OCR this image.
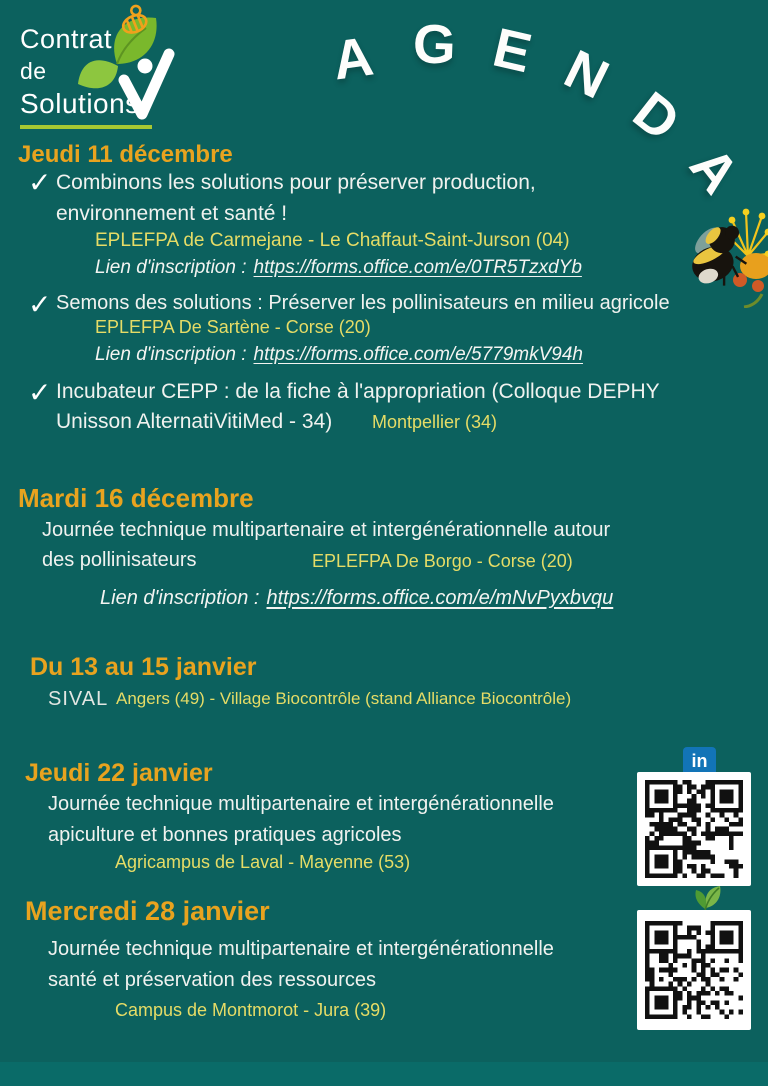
Contrat
de
Solutions
A G E N
D
A
Jeudi 11 décembre
✓ Combinons les solutions pour préserver production,
environnement et santé !
EPLEFPA de Carmejane - Le Chaffaut-Saint-Jurson (04)
Lien d'inscription : https://forms.office.com/e/0TR5TzxdYb
✓ Semons des solutions : Préserver les pollinisateurs en milieu agricole
EPLEFPA De Sartène - Corse (20)
Lien d'inscription : https://forms.office.com/e/5779mkV94h
✓ Incubateur CEPP : de la fiche à l'appropriation (Colloque DEPHY
Unisson AlternatiVitiMed - 34) Montpellier (34)
Mardi 16 décembre
Journée technique multipartenaire et intergénérationnelle autour
des pollinisateurs	EPLEFPA De Borgo - Corse (20)
Lien d'inscription : https://forms.office.com/e/mNvPyxbvqu
Du 13 au 15 janvier
SIVAL Angers (49) - Village Biocontrôle (stand Alliance Biocontrôle)
Jeudi 22 janvier
Journée technique multipartenaire et intergénérationnelle
apiculture et bonnes pratiques agricoles
Agricampus de Laval - Mayenne (53)
Mercredi 28 janvier
Journée technique multipartenaire et intergénérationnelle
santé et préservation des ressources
Campus de Montmorot - Jura (39)
in
